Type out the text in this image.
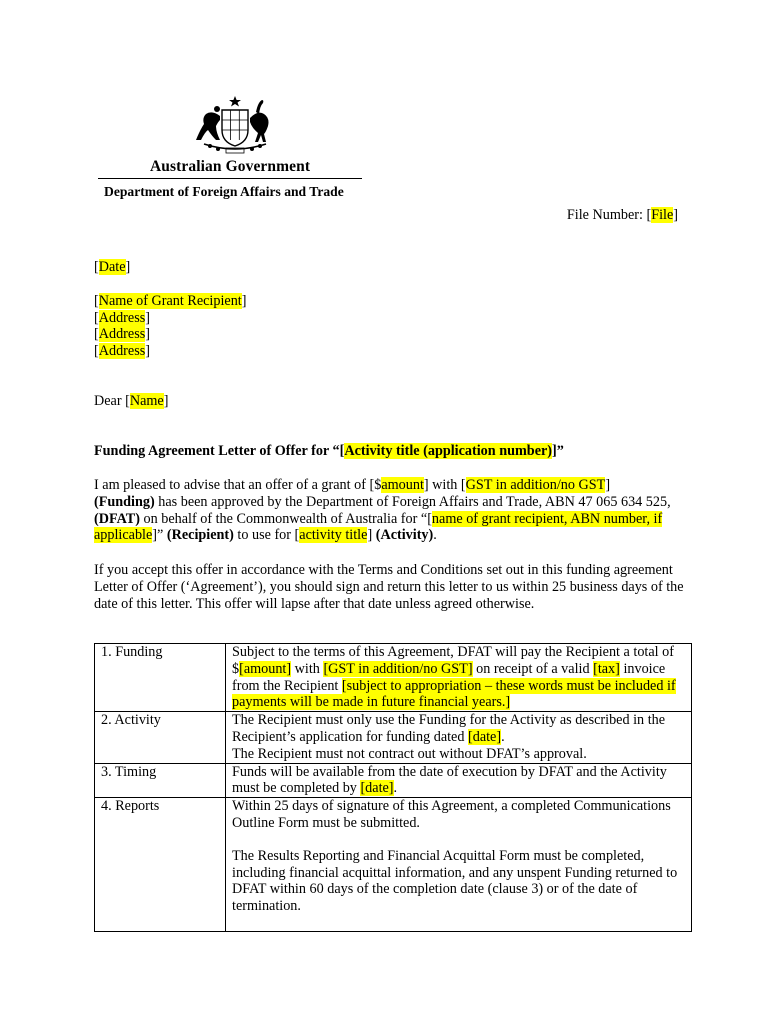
Australian Government
Department of Foreign Affairs and Trade
File Number: [File]
[Date]
[Name of Grant Recipient]
[Address]
[Address]
[Address]
Dear [Name]
Funding Agreement Letter of Offer for “[Activity title (application number)]”
I am pleased to advise that an offer of a grant of [$amount] with [GST in addition/no GST]
(Funding) has been approved by the Department of Foreign Affairs and Trade, ABN 47 065 634 525, (DFAT) on behalf of the Commonwealth of Australia for “[name of grant recipient, ABN number, if applicable]” (Recipient) to use for [activity title] (Activity).
If you accept this offer in accordance with the Terms and Conditions set out in this funding agreement Letter of Offer (‘Agreement’), you should sign and return this letter to us within 25 business days of the date of this letter. This offer will lapse after that date unless agreed otherwise.
1. Funding	Subject to the terms of this Agreement, DFAT will pay the Recipient a total of $[amount] with [GST in addition/no GST] on receipt of a valid [tax] invoice from the Recipient [subject to appropriation – these words must be included if payments will be made in future financial years.]
2. Activity	The Recipient must only use the Funding for the Activity as described in the Recipient’s application for funding dated [date].
The Recipient must not contract out without DFAT’s approval.
3. Timing	Funds will be available from the date of execution by DFAT and the Activity must be completed by [date].
4. Reports	Within 25 days of signature of this Agreement, a completed Communications Outline Form must be submitted.
The Results Reporting and Financial Acquittal Form must be completed, including financial acquittal information, and any unspent Funding returned to DFAT within 60 days of the completion date (clause 3) or of the date of termination.
